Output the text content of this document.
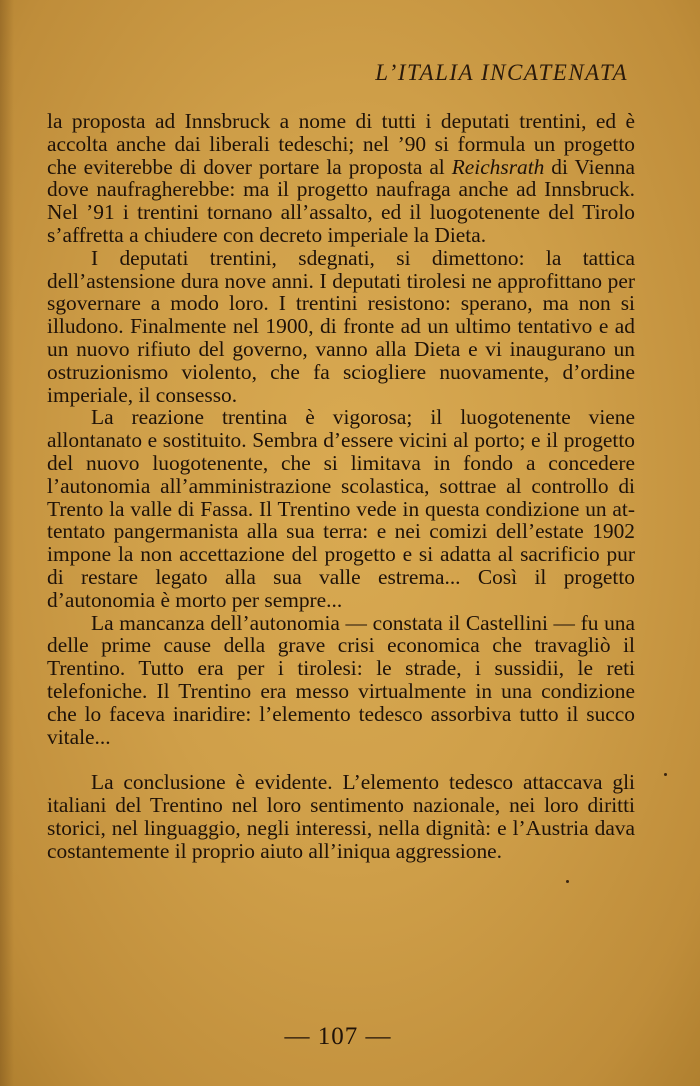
L’ITALIA INCATENATA

la proposta ad Innsbruck a nome di tutti i deputati trentini, ed è accolta anche dai liberali tedeschi; nel ’90 si formula un progetto che eviterebbe di dover portare la proposta al Reichsrath di Vienna dove naufragherebbe: ma il progetto naufraga anche ad Innsbruck. Nel ’91 i trentini tornano all’assalto, ed il luogotenente del Tirolo s’affretta a chiudere con decreto imperiale la Dieta.

I deputati trentini, sdegnati, si dimettono: la tattica dell’astensione dura nove anni. I deputati tirolesi ne approfittano per sgovernare a modo loro. I trentini resistono: sperano, ma non si illudono. Finalmente nel 1900, di fronte ad un ultimo tentativo e ad un nuovo rifiuto del governo, vanno alla Dieta e vi inaugurano un ostruzionismo violento, che fa sciogliere nuovamente, d’ordine imperiale, il consesso.

La reazione trentina è vigorosa; il luogotenente viene allontanato e sostituito. Sembra d’essere vicini al porto; e il progetto del nuovo luogotenente, che si limitava in fondo a concedere l’autonomia all’amministrazione scolastica, sottrae al controllo di Trento la valle di Fassa. Il Trentino vede in questa condizione un attentato pangermanista alla sua terra: e nei comizi dell’estate 1902 impone la non accettazione del progetto e si adatta al sacrificio pur di restare legato alla sua valle estrema... Così il progetto d’autonomia è morto per sempre...

La mancanza dell’autonomia — constata il Castellini — fu una delle prime cause della grave crisi economica che travagliò il Trentino. Tutto era per i tirolesi: le strade, i sussidii, le reti telefoniche. Il Trentino era messo virtualmente in una condizione che lo faceva inaridire: l’elemento tedesco assorbiva tutto il succo vitale...

La conclusione è evidente. L’elemento tedesco attaccava gli italiani del Trentino nel loro sentimento nazionale, nei loro diritti storici, nel linguaggio, negli interessi, nella dignità: e l’Austria dava costantemente il proprio aiuto all’iniqua aggressione.

— 107 —
